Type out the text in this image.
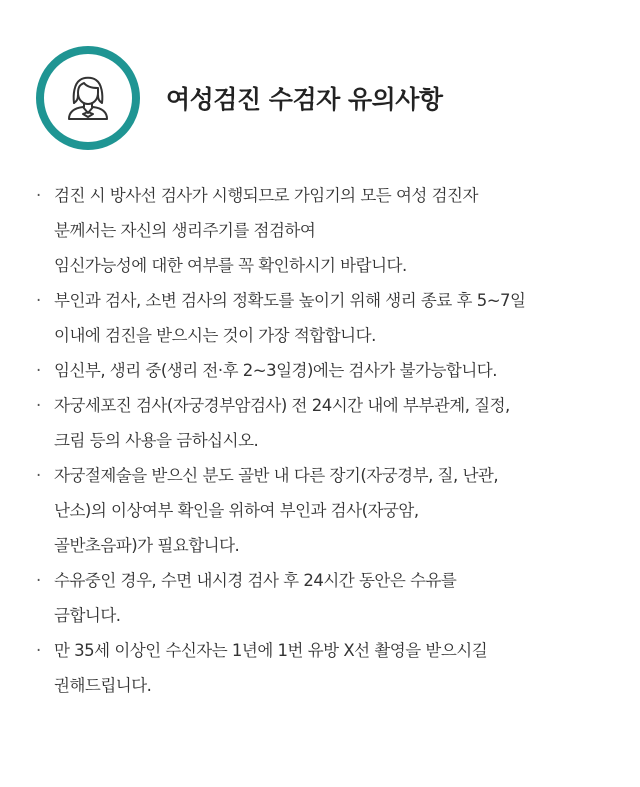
여성검진 수검자 유의사항
· 검진 시 방사선 검사가 시행되므로 가임기의 모든 여성 검진자
분께서는 자신의 생리주기를 점검하여
임신가능성에 대한 여부를 꼭 확인하시기 바랍니다.
· 부인과 검사, 소변 검사의 정확도를 높이기 위해 생리 종료 후 5~7일
이내에 검진을 받으시는 것이 가장 적합합니다.
· 임신부, 생리 중(생리 전·후 2~3일경)에는 검사가 불가능합니다.
· 자궁세포진 검사(자궁경부암검사) 전 24시간 내에 부부관계, 질정,
크림 등의 사용을 금하십시오.
· 자궁절제술을 받으신 분도 골반 내 다른 장기(자궁경부, 질, 난관,
난소)의 이상여부 확인을 위하여 부인과 검사(자궁암,
골반초음파)가 필요합니다.
· 수유중인 경우, 수면 내시경 검사 후 24시간 동안은 수유를
금합니다.
· 만 35세 이상인 수신자는 1년에 1번 유방 X선 촬영을 받으시길
권해드립니다.
